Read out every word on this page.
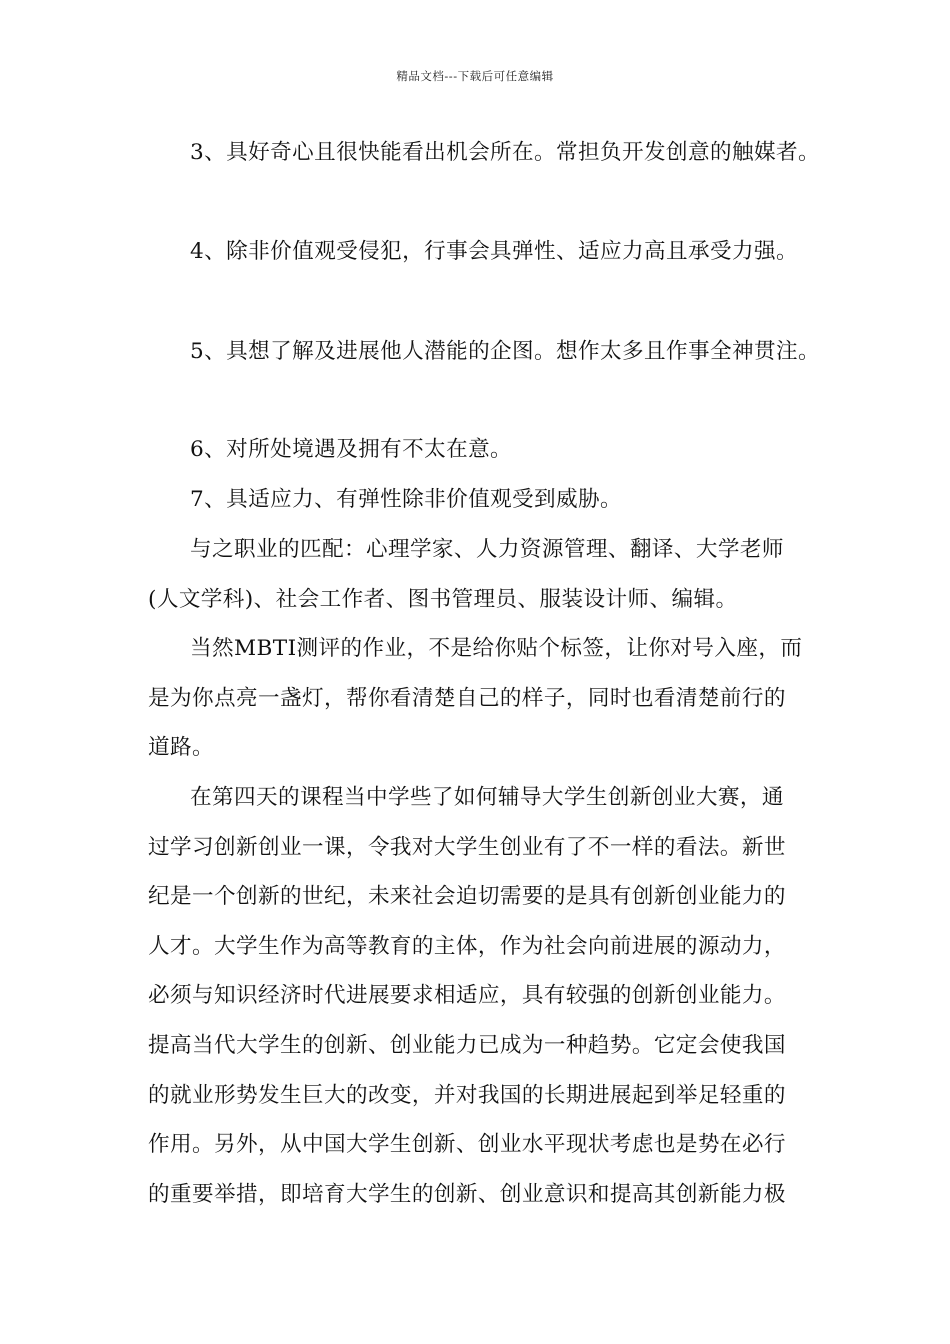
精品文档---下载后可任意编辑
3、具好奇心且很快能看出机会所在。常担负开发创意的触媒者。
4、除非价值观受侵犯，行事会具弹性、适应力高且承受力强。
5、具想了解及进展他人潜能的企图。想作太多且作事全神贯注。
6、对所处境遇及拥有不太在意。
7、具适应力、有弹性除非价值观受到威胁。
与之职业的匹配：心理学家、人力资源管理、翻译、大学老师
(人文学科)、社会工作者、图书管理员、服装设计师、编辑。
当然MBTI测评的作业，不是给你贴个标签，让你对号入座，而
是为你点亮一盏灯，帮你看清楚自己的样子，同时也看清楚前行的
道路。
在第四天的课程当中学些了如何辅导大学生创新创业大赛，通
过学习创新创业一课，令我对大学生创业有了不一样的看法。新世
纪是一个创新的世纪，未来社会迫切需要的是具有创新创业能力的
人才。大学生作为高等教育的主体，作为社会向前进展的源动力，
必须与知识经济时代进展要求相适应，具有较强的创新创业能力。
提高当代大学生的创新、创业能力已成为一种趋势。它定会使我国
的就业形势发生巨大的改变，并对我国的长期进展起到举足轻重的
作用。另外，从中国大学生创新、创业水平现状考虑也是势在必行
的重要举措，即培育大学生的创新、创业意识和提高其创新能力极
